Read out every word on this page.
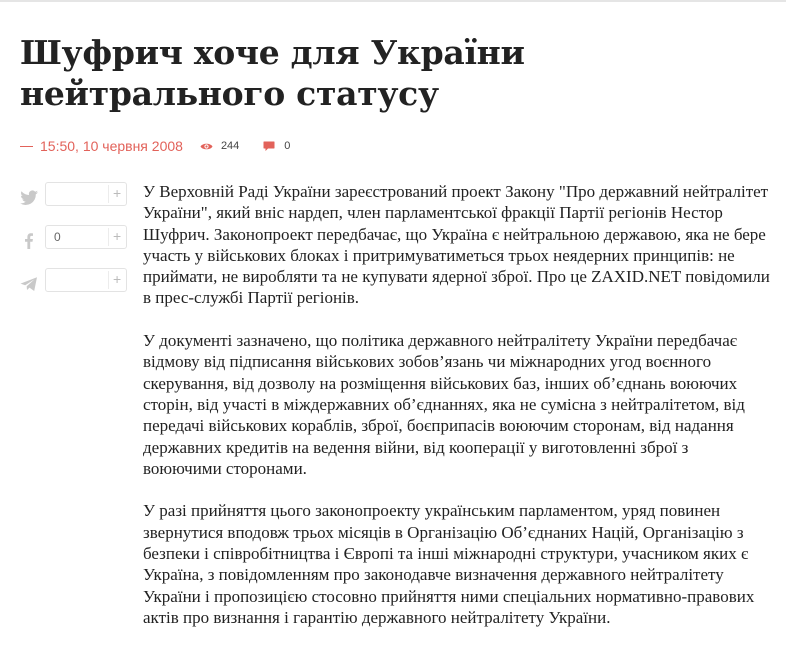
Шуфрич хоче для України нейтрального статусу
15:50, 10 червня 2008	244	0
+
0	+
+

У Верховній Раді України зареєстрований проект Закону "Про державний нейтралітет України", який вніс нардеп, член парламентської фракції Партії регіонів Нестор Шуфрич. Законопроект передбачає, що Україна є нейтральною державою, яка не бере участь у військових блоках і притримуватиметься трьох неядерних принципів: не приймати, не виробляти та не купувати ядерної зброї. Про це ZAXID.NET повідомили в прес-службі Партії регіонів.

У документі зазначено, що політика державного нейтралітету України передбачає відмову від підписання військових зобов’язань чи міжнародних угод воєнного скерування, від дозволу на розміщення військових баз, інших об’єднань воюючих сторін, від участі в міждержавних об’єднаннях, яка не сумісна з нейтралітетом, від передачі військових кораблів, зброї, боєприпасів воюючим сторонам, від надання державних кредитів на ведення війни, від кооперації у виготовленні зброї з воюючими сторонами.

У разі прийняття цього законопроекту українським парламентом, уряд повинен звернутися вподовж трьох місяців в Організацію Об’єднаних Націй, Організацію з безпеки і співробітництва і Європі та інші міжнародні структури, учасником яких є Україна, з повідомленням про законодавче визначення державного нейтралітету України і пропозицією стосовно прийняття ними спеціальних нормативно-правових актів про визнання і гарантію державного нейтралітету України.
